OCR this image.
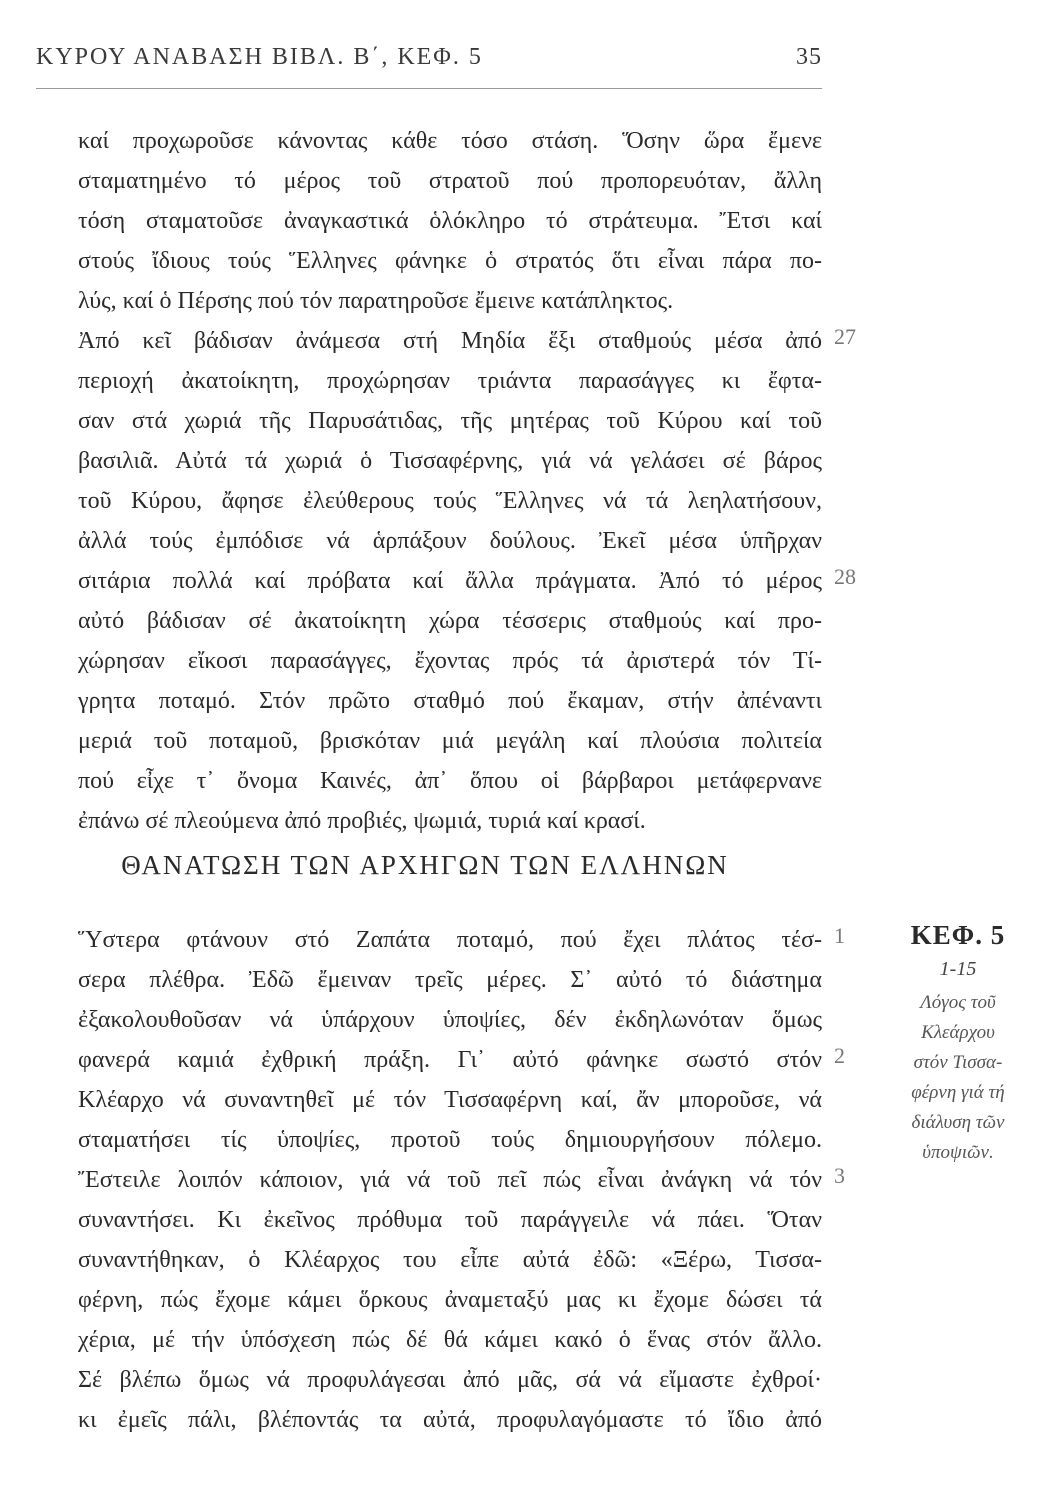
ΚΥΡΟΥ ΑΝΑΒΑΣΗ ΒΙΒΛ. Β΄, ΚΕΦ. 5	35
καί προχωροῦσε κάνοντας κάθε τόσο στάση. Ὅσην ὥρα ἔμενε
σταματημένο τό μέρος τοῦ στρατοῦ πού προπορευόταν, ἄλλη
τόση σταματοῦσε ἀναγκαστικά ὁλόκληρο τό στράτευμα. Ἔτσι καί
στούς ἴδιους τούς Ἕλληνες φάνηκε ὁ στρατός ὅτι εἶναι πάρα πο-
λύς, καί ὁ Πέρσης πού τόν παρατηροῦσε ἔμεινε κατάπληκτος.
Ἀπό κεῖ βάδισαν ἀνάμεσα στή Μηδία ἕξι σταθμούς μέσα ἀπό
περιοχή ἀκατοίκητη, προχώρησαν τριάντα παρασάγγες κι ἔφτα-
σαν στά χωριά τῆς Παρυσάτιδας, τῆς μητέρας τοῦ Κύρου καί τοῦ
βασιλιᾶ. Αὐτά τά χωριά ὁ Τισσαφέρνης, γιά νά γελάσει σέ βάρος
τοῦ Κύρου, ἄφησε ἐλεύθερους τούς Ἕλληνες νά τά λεηλατήσουν,
ἀλλά τούς ἐμπόδισε νά ἁρπάξουν δούλους. Ἐκεῖ μέσα ὑπῆρχαν
σιτάρια πολλά καί πρόβατα καί ἄλλα πράγματα. Ἀπό τό μέρος
αὐτό βάδισαν σέ ἀκατοίκητη χώρα τέσσερις σταθμούς καί προ-
χώρησαν εἴκοσι παρασάγγες, ἔχοντας πρός τά ἀριστερά τόν Τί-
γρητα ποταμό. Στόν πρῶτο σταθμό πού ἔκαμαν, στήν ἀπέναντι
μεριά τοῦ ποταμοῦ, βρισκόταν μιά μεγάλη καί πλούσια πολιτεία
πού εἶχε τ᾽ ὄνομα Καινές, ἀπ᾽ ὅπου οἱ βάρβαροι μετάφερνανε
ἐπάνω σέ πλεούμενα ἀπό προβιές, ψωμιά, τυριά καί κρασί.
27
28
ΘΑΝΑΤΩΣΗ ΤΩΝ ΑΡΧΗΓΩΝ ΤΩΝ ΕΛΛΗΝΩΝ
Ὕστερα φτάνουν στό Ζαπάτα ποταμό, πού ἔχει πλάτος τέσ-
σερα πλέθρα. Ἐδῶ ἔμειναν τρεῖς μέρες. Σ᾽ αὐτό τό διάστημα
ἐξακολουθοῦσαν νά ὑπάρχουν ὑποψίες, δέν ἐκδηλωνόταν ὅμως
φανερά καμιά ἐχθρική πράξη. Γι᾽ αὐτό φάνηκε σωστό στόν
Κλέαρχο νά συναντηθεῖ μέ τόν Τισσαφέρνη καί, ἄν μποροῦσε, νά
σταματήσει τίς ὑποψίες, προτοῦ τούς δημιουργήσουν πόλεμο.
Ἔστειλε λοιπόν κάποιον, γιά νά τοῦ πεῖ πώς εἶναι ἀνάγκη νά τόν
συναντήσει. Κι ἐκεῖνος πρόθυμα τοῦ παράγγειλε νά πάει. Ὅταν
συναντήθηκαν, ὁ Κλέαρχος του εἶπε αὐτά ἐδῶ: «Ξέρω, Τισσα-
φέρνη, πώς ἔχομε κάμει ὅρκους ἀναμεταξύ μας κι ἔχομε δώσει τά
χέρια, μέ τήν ὑπόσχεση πώς δέ θά κάμει κακό ὁ ἕνας στόν ἄλλο.
Σέ βλέπω ὅμως νά προφυλάγεσαι ἀπό μᾶς, σά νά εἴμαστε ἐχθροί·
κι ἐμεῖς πάλι, βλέποντάς τα αὐτά, προφυλαγόμαστε τό ἴδιο ἀπό
1
2
3
ΚΕΦ. 5
1-15
Λόγος τοῦ
Κλεάρχου
στόν Τισσα-
φέρνη γιά τή
διάλυση τῶν
ὑποψιῶν.
